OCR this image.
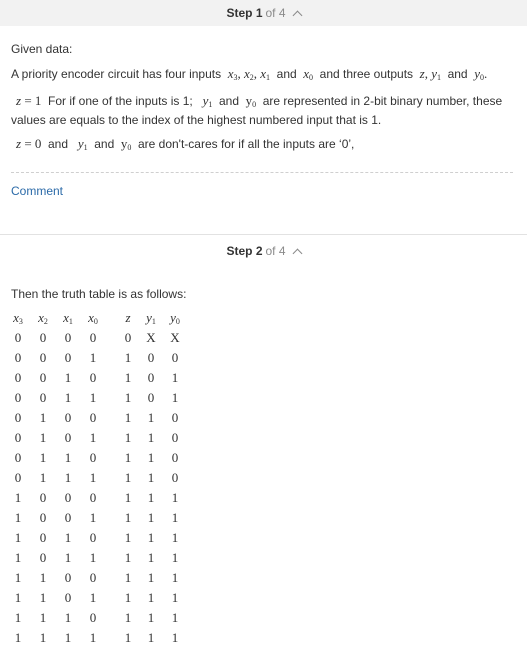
Step 1 of 4
Given data:
A priority encoder circuit has four inputs $x_3$, $x_2$, $x_1$ and $x_0$ and three outputs z, $y_1$ and $y_0$.
z = 1  For if one of the inputs is 1; $y_1$ and  $y_0$ are represented in 2-bit binary number, these
values are equals to the index of the highest numbered input that is 1.
z = 0  and $y_1$ and  $y_0$ are don't-cares for if all the inputs are ‘0’,
Comment
Step 2 of 4
Then the truth table is as follows:
$x_3$ $x_2$ $x_1$ $x_0$	z	$y_1$ $y_0$
0 0 0 0 0 X X
0 0 0 1 1 0 0
0 0 1 0 1 0 1
0 0 1 1 1 0 1
0 1 0 0 1 1 0
0 1 0 1 1 1 0
0 1 1 0 1 1 0
0 1 1 1 1 1 0
1 0 0 0 1 1 1
1 0 0 1 1 1 1
1 0 1 0 1 1 1
1 0 1 1 1 1 1
1 1 0 0 1 1 1
1 1 0 1 1 1 1
1 1 1 0 1 1 1
1 1 1 1 1 1 1
